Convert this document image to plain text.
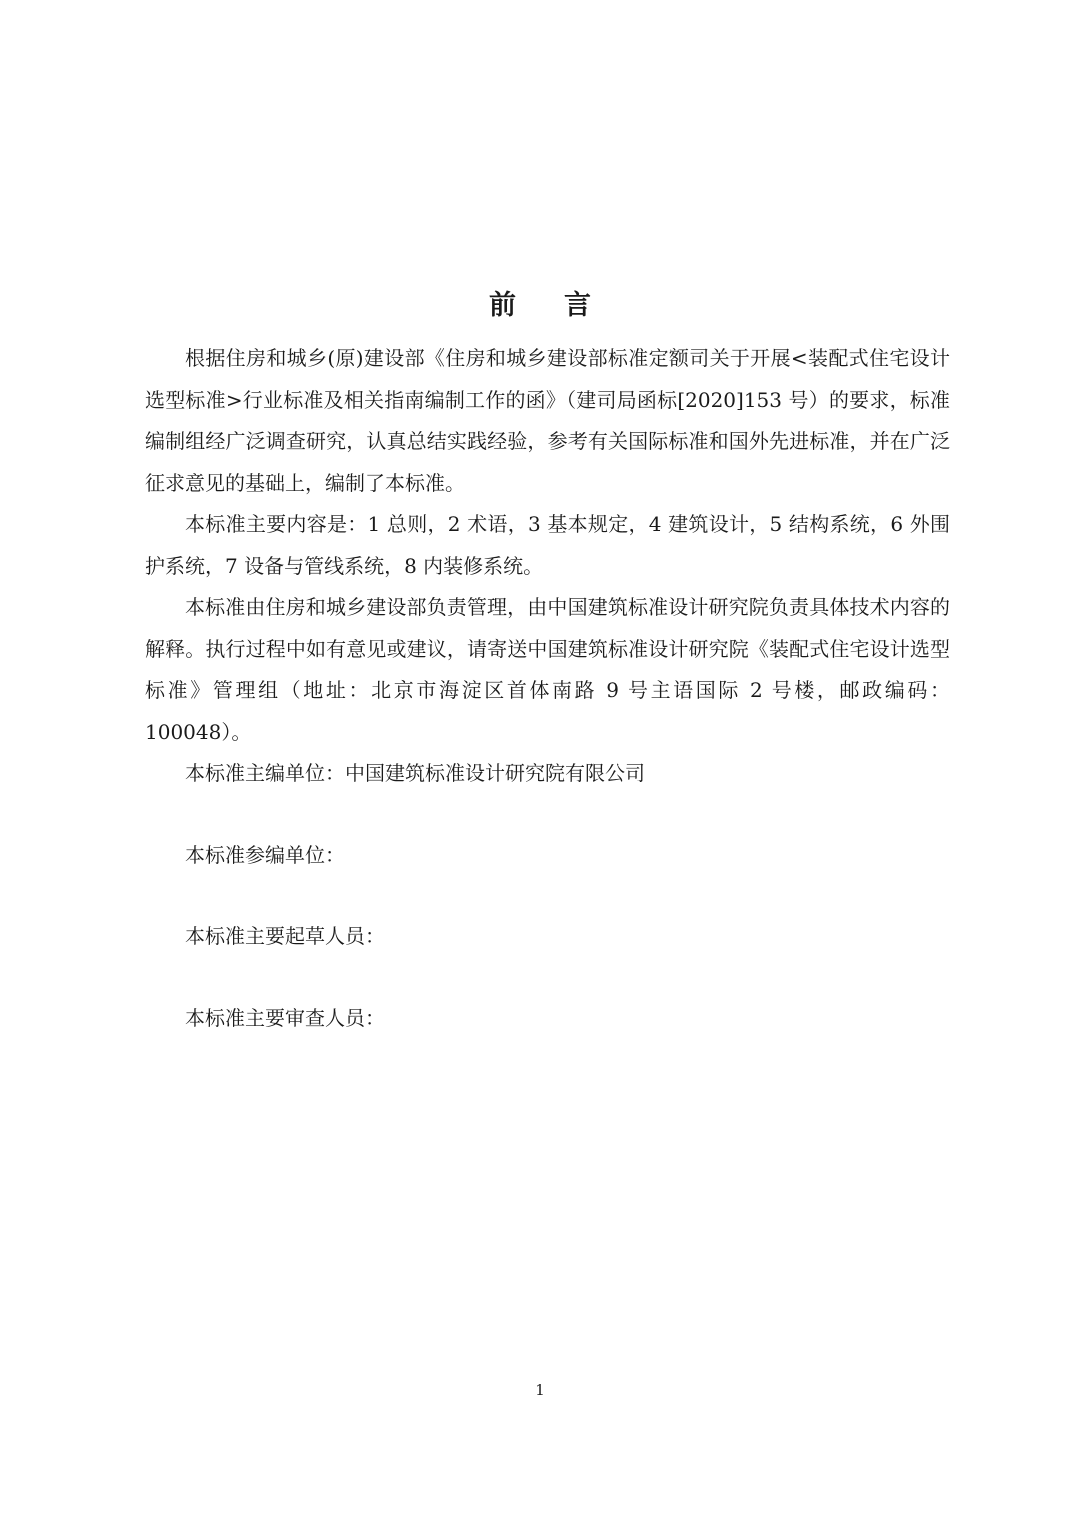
前 言

根据住房和城乡(原)建设部《住房和城乡建设部标准定额司关于开展<装配式住宅设计选型标准>行业标准及相关指南编制工作的函》（建司局函标[2020]153 号）的要求，标准编制组经广泛调查研究，认真总结实践经验，参考有关国际标准和国外先进标准，并在广泛征求意见的基础上，编制了本标准。

本标准主要内容是：1 总则，2 术语，3 基本规定，4 建筑设计，5 结构系统，6 外围护系统，7 设备与管线系统，8 内装修系统。

本标准由住房和城乡建设部负责管理，由中国建筑标准设计研究院负责具体技术内容的解释。执行过程中如有意见或建议，请寄送中国建筑标准设计研究院《装配式住宅设计选型标准》管理组（地址：北京市海淀区首体南路 9 号主语国际 2 号楼，邮政编码：100048）。

本标准主编单位：中国建筑标准设计研究院有限公司

本标准参编单位：

本标准主要起草人员：

本标准主要审查人员：

1
